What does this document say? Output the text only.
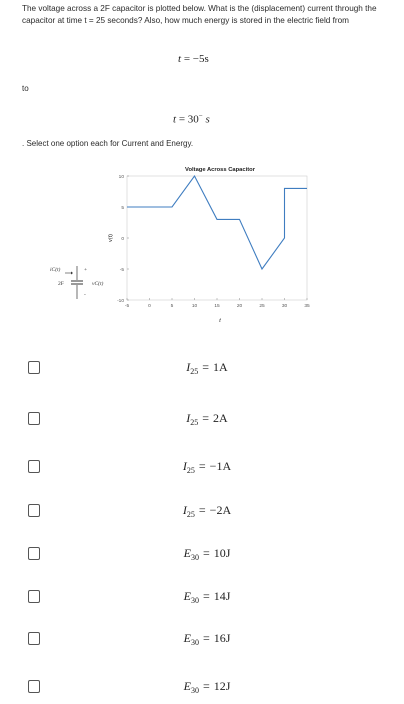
The voltage across a 2F capacitor is plotted below. What is the (displacement) current through the capacitor at time t = 25 seconds? Also, how much energy is stored in the electric field from
t = −5s
to
t = 30− s
. Select one option each for Current and Energy.
iC(t)	+
2F	vC(t)
-
Voltage Across Capacitor
v(t)
t
-10
-5
0
5
10
-5	0	5	10	15	20	25	30	35
$I_{25} = 1A$
$I_{25} = 2A$
$I_{25} = -1A$
$I_{25} = -2A$
$E_{30} = 10J$
$E_{30} = 14J$
$E_{30} = 16J$
$E_{30} = 12J$
